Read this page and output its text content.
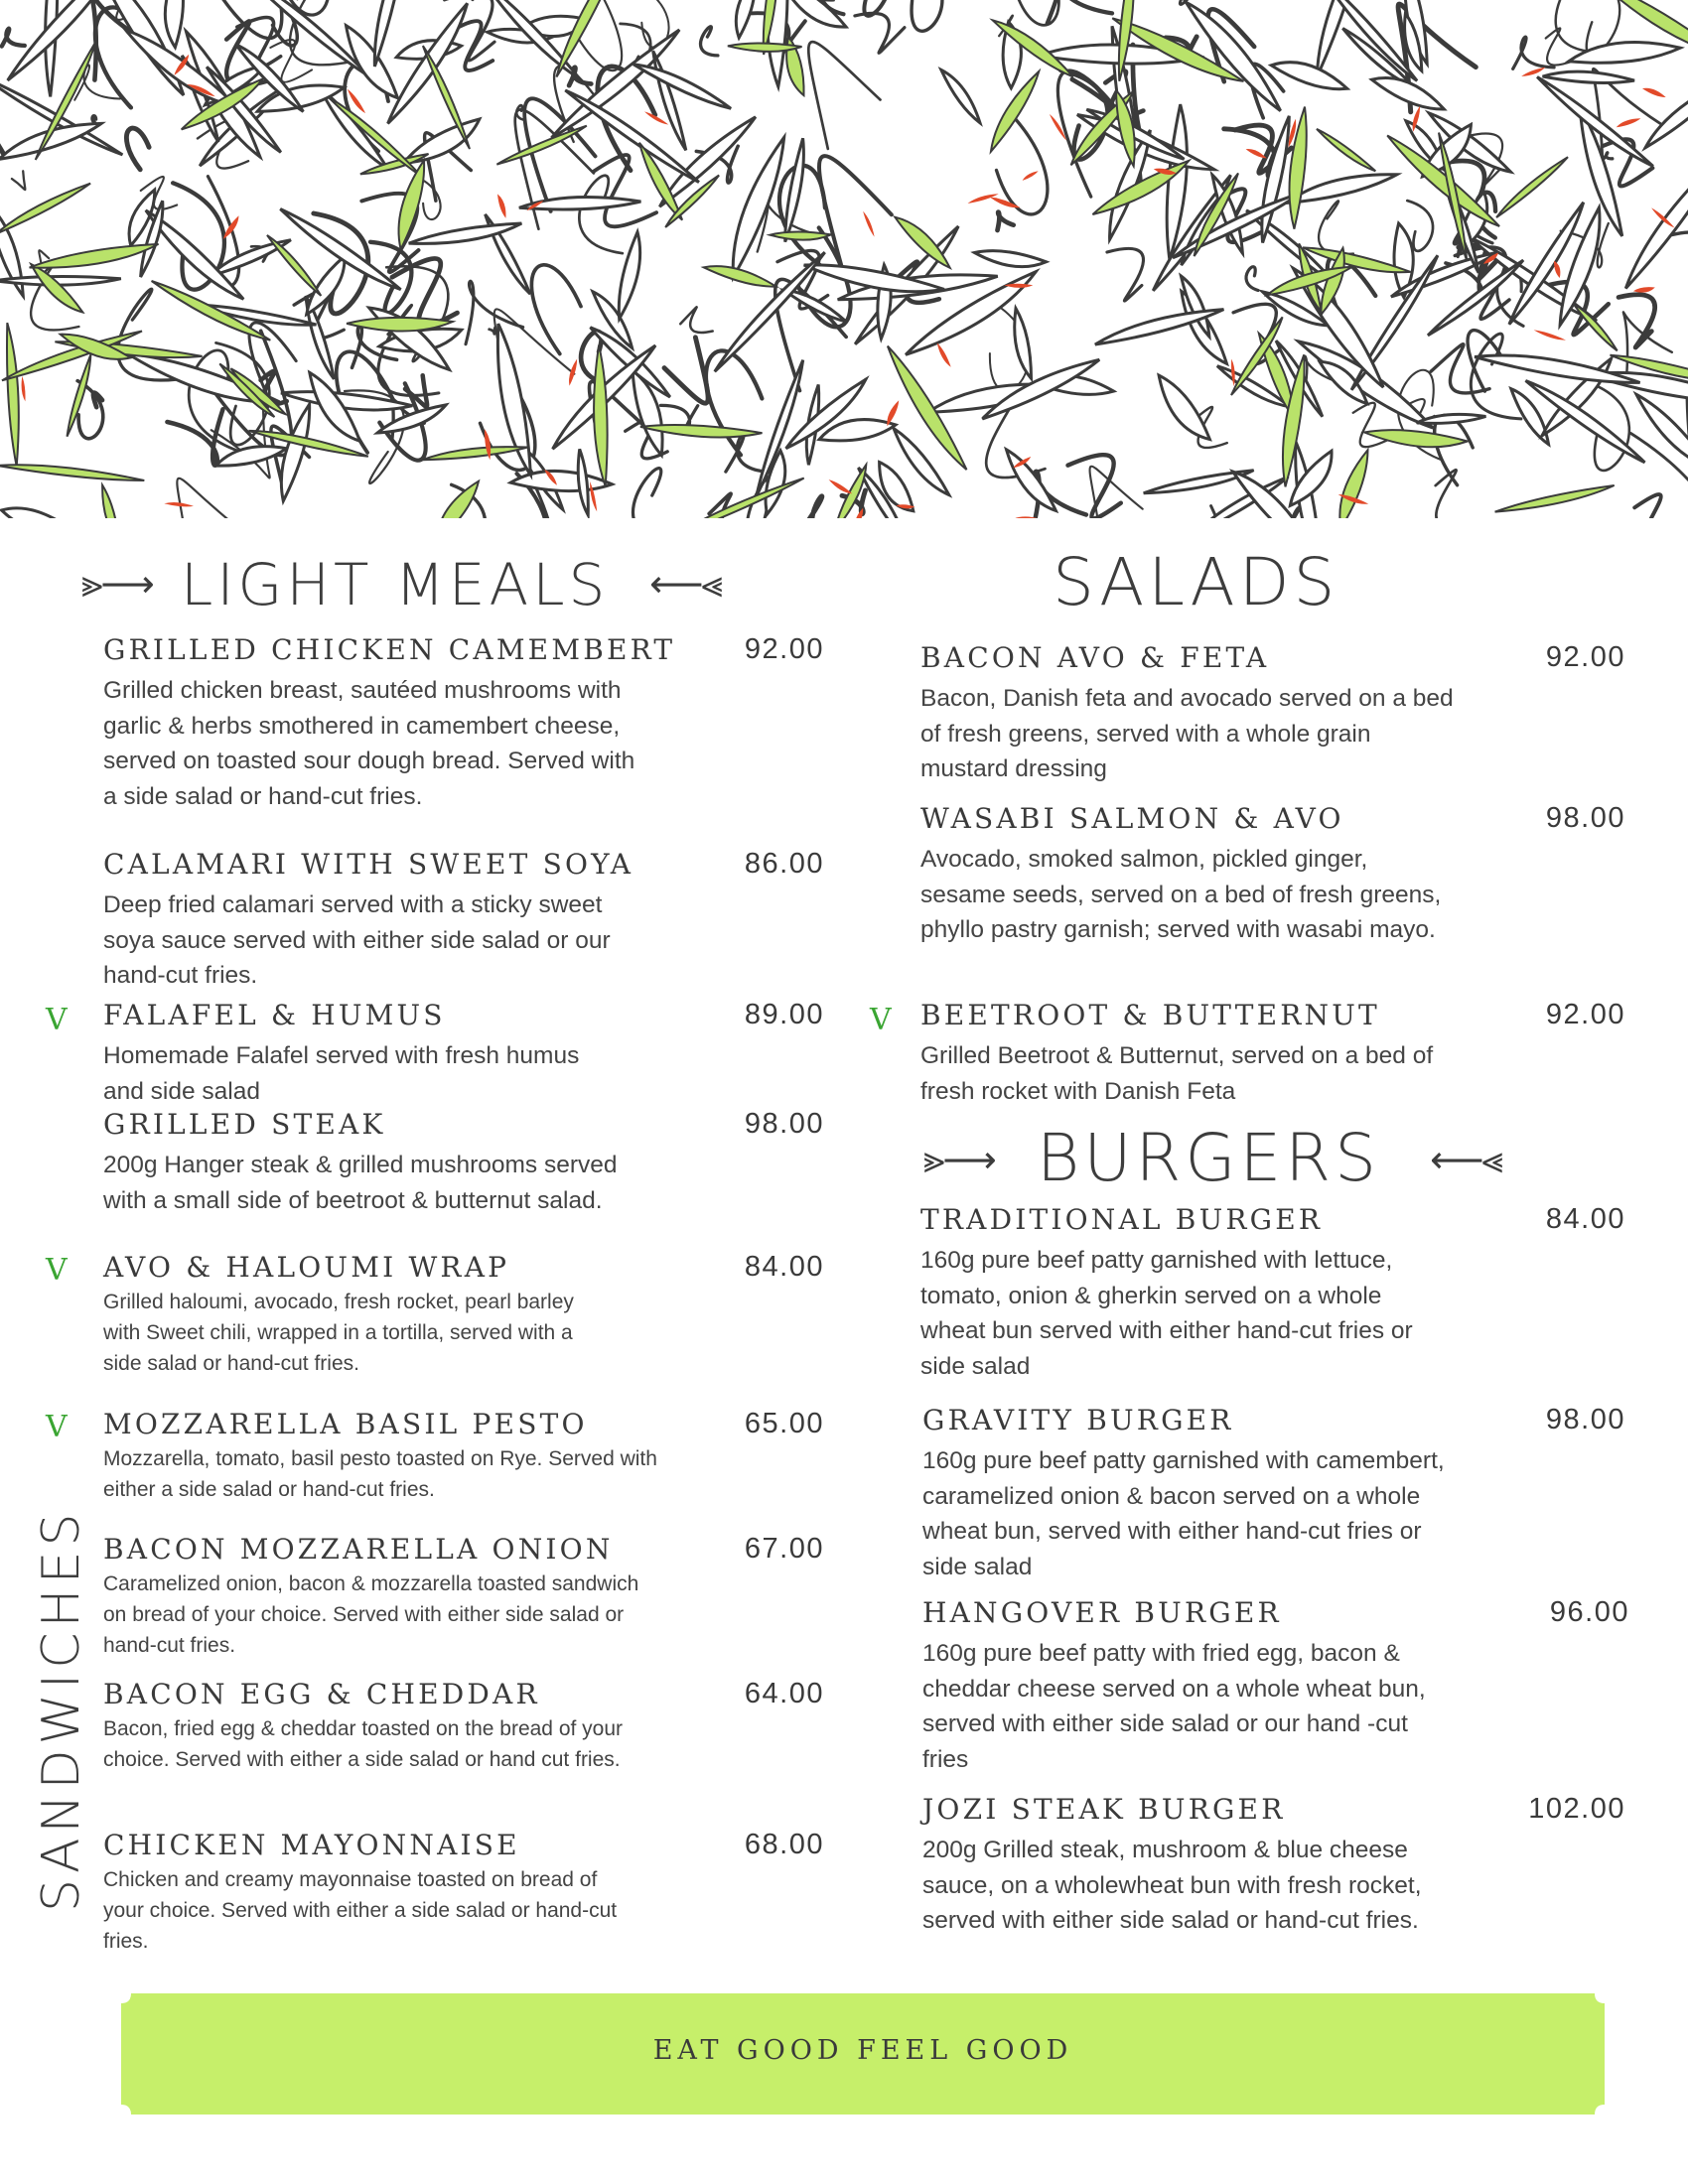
⪢⟶ LIGHT MEALS ⟵⪡	SALADS
⪢⟶ BURGERS ⟵⪡
SANDWICHES
GRILLED CHICKEN CAMEMBERT 92.00

Grilled chicken breast, sautéed mushrooms with garlic & herbs smothered in camembert cheese, served on toasted sour dough bread. Served with a side salad or hand-cut fries.

CALAMARI WITH SWEET SOYA	86.00

Deep fried calamari served with a sticky sweet soya sauce served with either side salad or our hand-cut fries.

V FALAFEL & HUMUS	89.00

Homemade Falafel served with fresh humus and side salad

GRILLED STEAK	98.00

200g Hanger steak & grilled mushrooms served with a small side of beetroot & butternut salad.

V AVO & HALOUMI WRAP	84.00

Grilled haloumi, avocado, fresh rocket, pearl barley with Sweet chili, wrapped in a tortilla, served with a side salad or hand-cut fries.

V MOZZARELLA BASIL PESTO	65.00

Mozzarella, tomato, basil pesto toasted on Rye. Served with either a side salad or hand-cut fries.

BACON MOZZARELLA ONION	67.00

Caramelized onion, bacon & mozzarella toasted sandwich on bread of your choice. Served with either side salad or hand-cut fries.

BACON EGG & CHEDDAR	64.00

Bacon, fried egg & cheddar toasted on the bread of your choice. Served with either a side salad or hand cut fries.

CHICKEN MAYONNAISE	68.00

Chicken and creamy mayonnaise toasted on bread of your choice. Served with either a side salad or hand-cut fries.

BACON AVO & FETA	92.00

Bacon, Danish feta and avocado served on a bed of fresh greens, served with a whole grain mustard dressing

WASABI SALMON & AVO	98.00

Avocado, smoked salmon, pickled ginger, sesame seeds, served on a bed of fresh greens, phyllo pastry garnish; served with wasabi mayo.

V BEETROOT & BUTTERNUT	92.00

Grilled Beetroot & Butternut, served on a bed of fresh rocket with Danish Feta

TRADITIONAL BURGER	84.00

160g pure beef patty garnished with lettuce, tomato, onion & gherkin served on a whole wheat bun served with either hand-cut fries or side salad

GRAVITY BURGER	98.00

160g pure beef patty garnished with camembert, caramelized onion & bacon served on a whole wheat bun, served with either hand-cut fries or side salad

HANGOVER BURGER	96.00

160g pure beef patty with fried egg, bacon & cheddar cheese served on a whole wheat bun, served with either side salad or our hand -cut fries

JOZI STEAK BURGER	102.00

200g Grilled steak, mushroom & blue cheese sauce, on a wholewheat bun with fresh rocket, served with either side salad or hand-cut fries.

EAT GOOD FEEL GOOD
